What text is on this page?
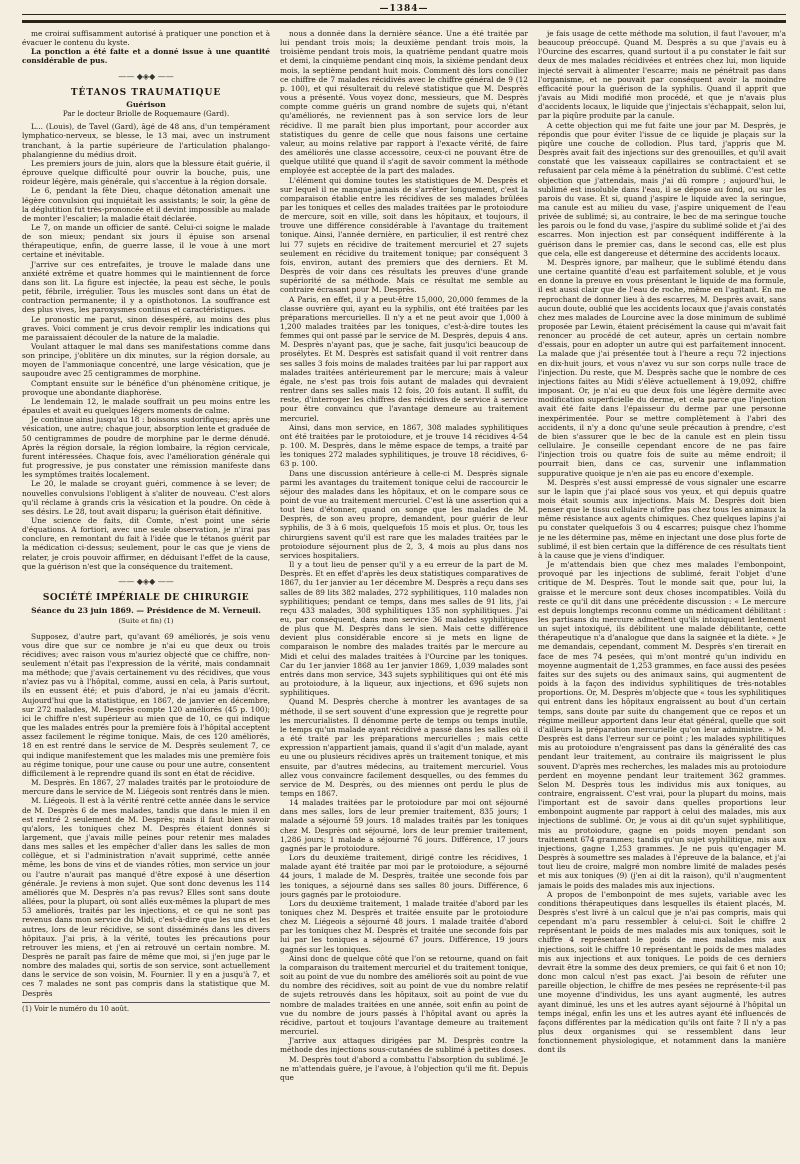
—1384—

me croirai suffisamment autorisé à pratiquer une ponction et à évacuer le contenu du kyste.

La ponction a été faite et a donné issue à une quantité considérable de pus.

—— ◆◈◆ ——
TÉTANOS TRAUMATIQUE
Guérison
Par le docteur Briolle de Roquemaure (Gard).

L... (Louis), de Tavel (Gard), âgé de 48 ans, d'un tempérament lymphatico-nerveux, se blesse, le 13 mai, avec un instrument tranchant, à la partie supérieure de l'articulation phalango-phalangienne du médius droit.

Les premiers jours de juin, alors que la blessure était guérie, il éprouve quelque difficulté pour ouvrir la bouche, puis, une roideur légère, mais générale, qui s'accentue à la région dorsale.

Le 6, pendant la fête Dieu, chaque détonation amenait une légère convulsion qui inquiétait les assistants; le soir, la gêne de la déglutition fut très-prononcée et il devint impossible au malade de monter l'escalier; la maladie était déclarée.

Le 7, on mande un officier de santé. Celui-ci soigne le malade de son mieux; pendant six jours il épuise son arsenal thérapeutique, enfin, de guerre lasse, il le voue à une mort certaine et inévitable.

J'arrive sur ces entrefaites, je trouve le malade dans une anxiété extrême et quatre hommes qui le maintiennent de force dans son lit. La figure est injectée, la peau est sèche, le pouls petit, fébrile, irrégulier. Tous les muscles sont dans un état de contraction permanente; il y a opisthotonos. La souffrance est des plus vives, les paroxysmes continus et caractéristiques.

Le pronostic me parut, sinon désespéré, au moins des plus graves. Voici comment je crus devoir remplir les indications qui me paraissaient découler de la nature de la maladie.

Voulant attaquer le mal dans ses manifestations comme dans son principe, j'oblitère un dix minutes, sur la région dorsale, au moyen de l'ammoniaque concentré, une large vésication, que je saupoudre avec 25 centigrammes de morphine.

Comptant ensuite sur le bénéfice d'un phénomène critique, je provoque une abondante diaphorèse.

Le lendemain 12, le malade souffrait un peu moins entre les épaules et avait eu quelques légers moments de calme.

Je continue ainsi jusqu'au 18 : boissons sudorifiques; après une vésication, une autre; chaque jour, absorption lente et graduée de 50 centigrammes de poudre de morphine par le derme dénudé. Après la région dorsale, la région lombaire, la région cervicale, furent intéressées. Chaque fois, avec l'amélioration générale qui fut progressive, je pus constater une rémission manifeste dans les symptômes traités localement.

Le 20, le malade se croyant guéri, commence à se lever; de nouvelles convulsions l'obligent à s'aliter de nouveau. C'est alors qu'il réclame à grands cris la vésication et la poudre. On cède à ses désirs. Le 28, tout avait disparu; la guérison était définitive.

Une science de faits, dit Comte, n'est point une série d'équations. A fortiori, avec une seule observation, je n'irai pas conclure, en remontant du fait à l'idée que le tétanos guérit par la médication ci-dessus; seulement, pour le cas que je viens de relater, je crois pouvoir affirmer, en déduisant l'effet de la cause, que la guérison n'est que la conséquence du traitement.

—— ◆◈◆ ——
SOCIÉTÉ IMPÉRIALE DE CHIRURGIE
Séance du 23 juin 1869. — Présidence de M. Verneuil.
(Suite et fin) (1)

Supposez, d'autre part, qu'avant 69 améliorés, je sois venu vous dire que sur ce nombre je n'ai eu que deux ou trois récidives; avec raison vous m'auriez objecté que ce chiffre, non-seulement n'était pas l'expression de la vérité, mais condamnait ma méthode; que j'avais certainement vu des récidives, que vous n'aviez pas vu à l'hôpital, comme, aussi en cela, à Paris surtout, ils en eussent été; et puis d'abord, je n'ai eu jamais d'écrit. Aujourd'hui que la statistique, en 1867, de janvier en décembre, sur 272 malades, M. Desprès compte 120 améliorés (45 p. 100); ici le chiffre n'est supérieur au mien que de 10, ce qui indique que les malades entrés pour la première fois à l'hôpital acceptent assez facilement le régime tonique. Mais, de ces 120 améliorés, 18 en est rentré dans le service de M. Desprès seulement 7, ce qui indique manifestement que les malades mis une première fois au régime tonique, pour une cause ou pour une autre, consentent difficilement à le reprendre quand ils sont en état de récidive.

M. Desprès. En 1867, 27 malades traités par le protoiodure de mercure dans le service de M. Liégeois sont rentrés dans le mien.

M. Liégeois. Il est à la vérité rentré cette année dans le service de M. Desprès 6 de mes malades, tandis que dans le mien il en est rentré 2 seulement de M. Desprès; mais il faut bien savoir qu'alors, les toniques chez M. Desprès étaient donnés si largement, que j'avais mille peines pour retenir mes malades dans mes salles et les empêcher d'aller dans les salles de mon collègue, et si l'administration n'avait supprimé, cette année même, les bons de vins et de viandes rôties, mon service un jour ou l'autre n'aurait pas manqué d'être exposé à une désertion générale. Je reviens à mon sujet. Que sont donc devenus les 114 améliorés que M. Desprès n'a pas revus? Elles sont sans doute allées, pour la plupart, où sont allés eux-mêmes la plupart de mes 53 améliorés, traités par les injections, et ce qui ne sont pas revenus dans mon service du Midi, c'est-à-dire que les uns et les autres, lors de leur récidive, se sont disséminés dans les divers hôpitaux. J'ai pris, à la vérité, toutes les précautions pour retrouver les miens, et j'en ai retrouvé un certain nombre. M. Desprès ne paraît pas faire de même que moi, si j'en juge par le nombre des malades qui, sortis de son service, sont actuellement dans le service de son voisin, M. Fournier. Il y en a jusqu'à 7, et ces 7 malades ne sont pas compris dans la statistique que M. Desprès

(1) Voir le numéro du 10 août.

nous a donnée dans la dernière séance. Une a été traitée par lui pendant trois mois; la deuxième pendant trois mois, la troisième pendant trois mois, la quatrième pendant quatre mois et demi, la cinquième pendant cinq mois, la sixième pendant deux mois, la septième pendant huit mois. Comment dès lors concilier ce chiffre de 7 malades récidivés avec le chiffre général de 9 (12 p. 100), et qui résulterait du relevé statistique que M. Desprès vous a présenté. Vous voyez donc, messieurs, que M. Desprès compte comme guéris un grand nombre de sujets qui, n'étant qu'améliorés, ne reviennent pas à son service lors de leur récidive. Il me paraît bien plus important, pour accorder aux statistiques du genre de celle que nous faisons une certaine valeur, au moins relative par rapport à l'exacte vérité, de faire des améliorés une classe accessoire, ceux-ci ne pouvant être de quelque utilité que quand il s'agit de savoir comment la méthode employée est acceptée de la part des malades.

L'élément qui domine toutes les statistiques de M. Desprès et sur lequel il ne manque jamais de s'arrêter longuement, c'est la comparaison établie entre les récidives de ses malades brûlées par les toniques et celles des malades traitées par le protoiodure de mercure, soit en ville, soit dans les hôpitaux, et toujours, il trouve une différence considérable à l'avantage du traitement tonique. Ainsi, l'année dernière, en particulier, il est rentré chez lui 77 sujets en récidive de traitement mercuriel et 27 sujets seulement en récidive du traitement tonique; par conséquent 3 fois, environ, autant des premiers que des derniers. Et M. Desprès de voir dans ces résultats les preuves d'une grande supériorité de sa méthode. Mais ce résultat me semble au contraire écrasant pour M. Desprès.

A Paris, en effet, il y a peut-être 15,000, 20,000 femmes de la classe ouvrière qui, ayant eu la syphilis, ont été traitées par les préparations mercurielles. Il n'y a et ne peut avoir que 1,000 à 1,200 malades traitées par les toniques, c'est-à-dire toutes les femmes qui ont passé par le service de M. Desprès, depuis 4 ans. M. Desprès n'ayant pas, que je sache, fait jusqu'ici beaucoup de prosélytes. Et M. Desprès est satisfait quand il voit rentrer dans ses salles 3 fois moins de malades traitées par lui par rapport aux malades traitées antérieurement par le mercure; mais à valeur égale, ne s'est pas trois fois autant de malades qui devraient rentrer dans ses salles mais 12 fois, 20 fois autant. Il suffit, du reste, d'interroger les chiffres des récidives de service à service pour être convaincu que l'avantage demeure au traitement mercuriel.

Ainsi, dans mon service, en 1867, 308 malades syphilitiques ont été traitées par le protoiodure, et je trouve 14 récidives 4-54 p. 100. M. Desprès, dans le même espace de temps, a traité par les toniques 272 malades syphilitiques, je trouve 18 récidives, 6-63 p. 100.

Dans une discussion antérieure à celle-ci M. Desprès signale parmi les avantages du traitement tonique celui de raccourcir le séjour des malades dans les hôpitaux, et on le compare sous ce point de vue au traitement mercuriel. C'est là une assertion qui a tout lieu d'étonner, quand on songe que les malades de M. Desprès, de son aveu propre, demandent, pour guérir de leur syphilis, de 3 à 6 mois, quelquefois 15 mois et plus. Or, tous les chirurgiens savent qu'il est rare que les malades traitées par le protoiodure séjournent plus de 2, 3, 4 mois au plus dans nos services hospitaliers.

Il y a tout lieu de penser qu'il y a eu erreur de la part de M. Desprès. Et en effet d'après les deux statistiques comparatives de 1867, du 1er janvier au 1er décembre M. Desprès a reçu dans ses salles de 89 lits 382 malades, 272 syphilitiques, 110 malades non syphilitiques; pendant ce temps, dans mes salles de 91 lits, j'ai reçu 433 malades, 308 syphilitiques 135 non syphilitiques. J'ai eu, par conséquent, dans mon service 36 malades syphilitiques de plus que M. Desprès dans le sien. Mais cette différence devient plus considérable encore si je mets en ligne de comparaison le nombre des malades traités par le mercure au Midi et celui des malades traitées à l'Ourcine par les toniques. Car du 1er janvier 1868 au 1er janvier 1869, 1,039 malades sont entrés dans mon service, 343 sujets syphilitiques qui ont été mis au protoiodure, à la liqueur, aux injections, et 696 sujets non syphilitiques.

Quand M. Desprès cherche à montrer les avantages de sa méthode, il se sert souvent d'une expression que je regrette pour les mercurialistes. Il dénomme perte de temps ou temps inutile, le temps qu'un malade ayant récidivé a passé dans les salles où il a été traité par les préparations mercurielles ; mais cette expression n'appartient jamais, quand il s'agit d'un malade, ayant eu une ou plusieurs récidives après un traitement tonique, et mis ensuite, par d'autres médecins, au traitement mercuriel. Vous allez vous convaincre facilement desquelles, ou des femmes du service de M. Desprès, ou des miennes ont perdu le plus de temps en 1867.

14 malades traitées par le protoiodure par moi ont séjourné dans mes salles, lors de leur premier traitement, 835 jours; 1 malade a séjourné 59 jours. 18 malades traités par les toniques chez M. Desprès ont séjourné, lors de leur premier traitement, 1,286 jours; 1 malade a séjourné 76 jours. Différence, 17 jours gagnés par le protoiodure.

Lors du deuxième traitement, dirigé contre les récidives, 1 malade ayant été traitée par moi par le protoiodure, a séjourné 44 jours, 1 malade de M. Desprès, traitée une seconde fois par les toniques, a séjourné dans ses salles 80 jours. Différence, 6 jours gagnés par le protoiodure.

Lors du deuxième traitement, 1 malade traitée d'abord par les toniques chez M. Desprès et traitée ensuite par le protoiodure chez M. Liégeois a séjourné 48 jours. 1 malade traitée d'abord par les toniques chez M. Desprès et traitée une seconde fois par lui par les toniques a séjourné 67 jours. Différence, 19 jours gagnés sur les toniques.

Ainsi donc de quelque côté que l'on se retourne, quand on fait la comparaison du traitement mercuriel et du traitement tonique, soit au point de vue du nombre des améliorés soit au point de vue du nombre des récidives, soit au point de vue du nombre relatif de sujets retrouvés dans les hôpitaux, soit au point de vue du nombre de malades traitées en une année, soit enfin au point de vue du nombre de jours passés à l'hôpital avant ou après la récidive, partout et toujours l'avantage demeure au traitement mercuriel.

J'arrive aux attaques dirigées par M. Desprès contre la méthode des injections sous-cutanées de sublimé à petites doses.

M. Desprès tout d'abord a combattu l'absorption du sublimé. Je ne m'attendais guère, je l'avoue, à l'objection qu'il me fit. Depuis que

je fais usage de cette méthode ma solution, il faut l'avouer, m'a beaucoup préoccupé. Quand M. Desprès a su que j'avais eu à l'Ourcine des escarres, quand surtout il a pu constater le fait sur deux de mes malades récidivées et entrées chez lui, mon liquide injecté servait à alimenter l'escarre; mais ne pénétrait pas dans l'organisme, et ne pouvait par conséquent avoir la moindre efficacité pour la guérison de la syphilis. Quand il apprit que j'avais au Midi modifié mon procédé, et que je n'avais plus d'accidents locaux, le liquide que j'injectais s'échappait, selon lui, par la piqûre produite par la canule.

A cette objection qui me fut faite une jour par M. Desprès, je répondis que pour éviter l'issue de ce liquide je plaçais sur la piqûre une couche de collodion. Plus tard, j'appris que M. Desprès avait fait des injections sur des grenouilles, et qu'il avait constaté que les vaisseaux capillaires se contractaient et se refusaient par cela même à la pénétration du sublimé. C'est cette objection que j'attendais, mais j'ai dû rompre ; aujourd'hui, le sublimé est insoluble dans l'eau, il se dépose au fond, ou sur les parois du vase. Et si, quand j'aspire le liquide avec la seringue, ma canule est au milieu du vase, j'aspire uniquement de l'eau privée de sublimé; si, au contraire, le bec de ma seringue touche les parois ou le fond du vase, j'aspire du sublimé solide et j'ai des escarres. Mon injection est par conséquent indifférente à la guérison dans le premier cas, dans le second cas, elle est plus que cela, elle est dangereuse et détermine des accidents locaux.

M. Desprès ignore, par malheur, que le sublimé étendu dans une certaine quantité d'eau est parfaitement soluble, et je vous en donne la preuve en vous présentant le liquide de ma formule, il est aussi clair que de l'eau de roche, même en l'agitant. En me reprochant de donner lieu à des escarres, M. Desprès avait, sans aucun doute, oublié que les accidents locaux que j'avais constatés chez mes malades de Lourcine avec la dose minimum de sublimé proposée par Lewin, étaient précisément la cause qui m'avait fait renoncer au procédé de cet auteur, après un certain nombre d'essais, pour en adopter un autre qui est parfaitement innocent. La malade que j'ai présentée tout à l'heure a reçu 72 injections en dix-huit jours, et vous n'avez vu sur son corps nulle trace de l'injection. Du reste, que M. Desprès sache que le nombre de ces injections faites au Midi s'élève actuellement à 19,092, chiffre imposant. Or, je n'ai eu que deux fois une légère dermite avec modification superficielle du derme, et cela parce que l'injection avait été faite dans l'épaisseur du derme par une personne inexpérimentée. Pour se mettre complètement à l'abri des accidents, il n'y a donc qu'une seule précaution à prendre, c'est de bien s'assurer que le bec de la canule est en plein tissu cellulaire. Je conseille cependant encore de ne pas faire l'injection trois ou quatre fois de suite au même endroit; il pourrait bien, dans ce cas, survenir une inflammation suppurative quoique je n'en aie pas eu encore d'exemple.

M. Desprès s'est aussi empressé de vous signaler une escarre sur le lapin que j'ai placé sous vos yeux, et qui depuis quatre mois était soumis aux injections. Mais M. Desprès doit bien penser que le tissu cellulaire n'offre pas chez tous les animaux la même résistance aux agents chimiques. Chez quelques lapins j'ai pu constater quelquefois 3 ou 4 escarres; puisque chez l'homme je ne les détermine pas, même en injectant une dose plus forte de sublimé, il est bien certain que la différence de ces résultats tient à la cause que je viens d'indiquer.

Je m'attendais bien que chez mes malades l'embonpoint, provoqué par les injections de sublimé, ferait l'objet d'une critique de M. Desprès. Tout le monde sait que, pour lui, la graisse et le mercure sont deux choses incompatibles. Voilà du reste ce qu'il dit dans une précédente discussion : « Le mercure est depuis longtemps reconnu comme un médicament débilitant : les partisans du mercure admettent qu'ils intoxiquent lentement un sujet intoxiqué, ils débilitent une malade débilitante, cette thérapeutique n'a d'analogue que dans la saignée et la diète. » Je me demandais, cependant, comment M. Desprès s'en tirerait en face de mes 74 pesées, qui m'ont montré qu'un individu en moyenne augmentait de 1,253 grammes, en face aussi des pesées faites sur des sujets ou des animaux sains, qui augmentent de poids à la façon des individus syphilitiques de très-notables proportions. Or, M. Desprès m'objecte que « tous les syphilitiques qui entrent dans les hôpitaux engraissent au bout d'un certain temps, sans doute par suite du changement que ce repos et un régime meilleur apportent dans leur état général, quelle que soit d'ailleurs la préparation mercurielle qu'on leur administre. » M. Desprès est dans l'erreur sur ce point ; les malades syphilitiques mis au protoiodure n'engraissent pas dans la généralité des cas pendant leur traitement, au contraire ils maigrissent le plus souvent. D'après mes recherches, les malades mis au protoiodure perdent en moyenne pendant leur traitement 362 grammes. Selon M. Desprès tous les individus mis aux toniques, au contraire, engraissent. C'est vrai, pour la plupart du moins, mais l'important est de savoir dans quelles proportions leur embonpoint augmente par rapport à celui des malades, mis aux injections de sublimé. Or, je vous ai dit qu'un sujet syphilitique, mis au protoiodure, gagne en poids moyen pendant son traitement 674 grammes; tandis qu'un sujet syphilitique, mis aux injections, gagne 1,253 grammes. Je ne puis qu'engager M. Desprès à soumettre ses malades à l'épreuve de la balance, et j'ai tout lieu de croire, malgré mon nombre limité de malades pesés et mis aux toniques (9) (j'en ai dit la raison), qu'il n'augmentent jamais le poids des malades mis aux injections.

A propos de l'embonpoint de mes sujets, variable avec les conditions thérapeutiques dans lesquelles ils étaient placés, M. Desprès s'est livré à un calcul que je n'ai pas compris, mais qui cependant m'a paru ressembler à celui-ci. Soit le chiffre 2 représentant le poids de mes malades mis aux toniques, soit le chiffre 4 représentant le poids de mes malades mis aux injections, soit le chiffre 10 représentant le poids de mes malades mis aux injections et aux toniques. Le poids de ces derniers devrait être la somme des deux premiers, ce qui fait 6 et non 10; donc mon calcul n'est pas exact. J'ai besoin de réfuter une pareille objection, le chiffre de mes pesées ne représente-t-il pas une moyenne d'individus, les uns ayant augmenté, les autres ayant diminué, les uns et les autres ayant séjourné à l'hôpital un temps inégal, enfin les uns et les autres ayant été influencés de façons différentes par la médication qu'ils ont faite ? Il n'y a pas plus deux organismes qui se ressemblent dans leur fonctionnement physiologique, et notamment dans la manière dont ils
